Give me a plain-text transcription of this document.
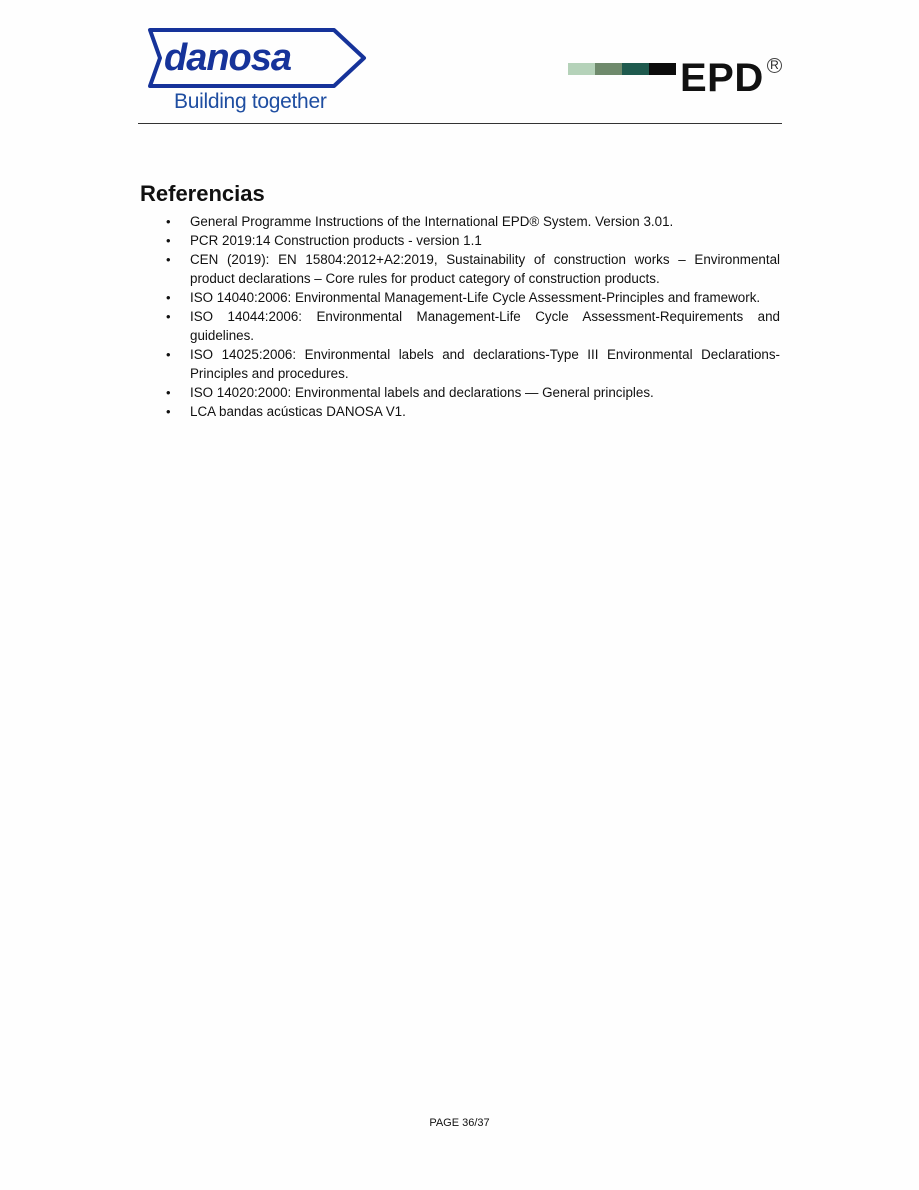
danosa
Building together
EPD R
Referencias
• General Programme Instructions of the International EPD® System. Version 3.01.
• PCR 2019:14 Construction products - version 1.1
• CEN (2019): EN 15804:2012+A2:2019, Sustainability of construction works – Environmental product declarations – Core rules for product category of construction products.
• ISO 14040:2006: Environmental Management-Life Cycle Assessment-Principles and framework.
• ISO 14044:2006: Environmental Management-Life Cycle Assessment-Requirements and guidelines.
• ISO 14025:2006: Environmental labels and declarations-Type III Environmental Declarations-Principles and procedures.
• ISO 14020:2000: Environmental labels and declarations — General principles.
• LCA bandas acústicas DANOSA V1.
PAGE 36/37
